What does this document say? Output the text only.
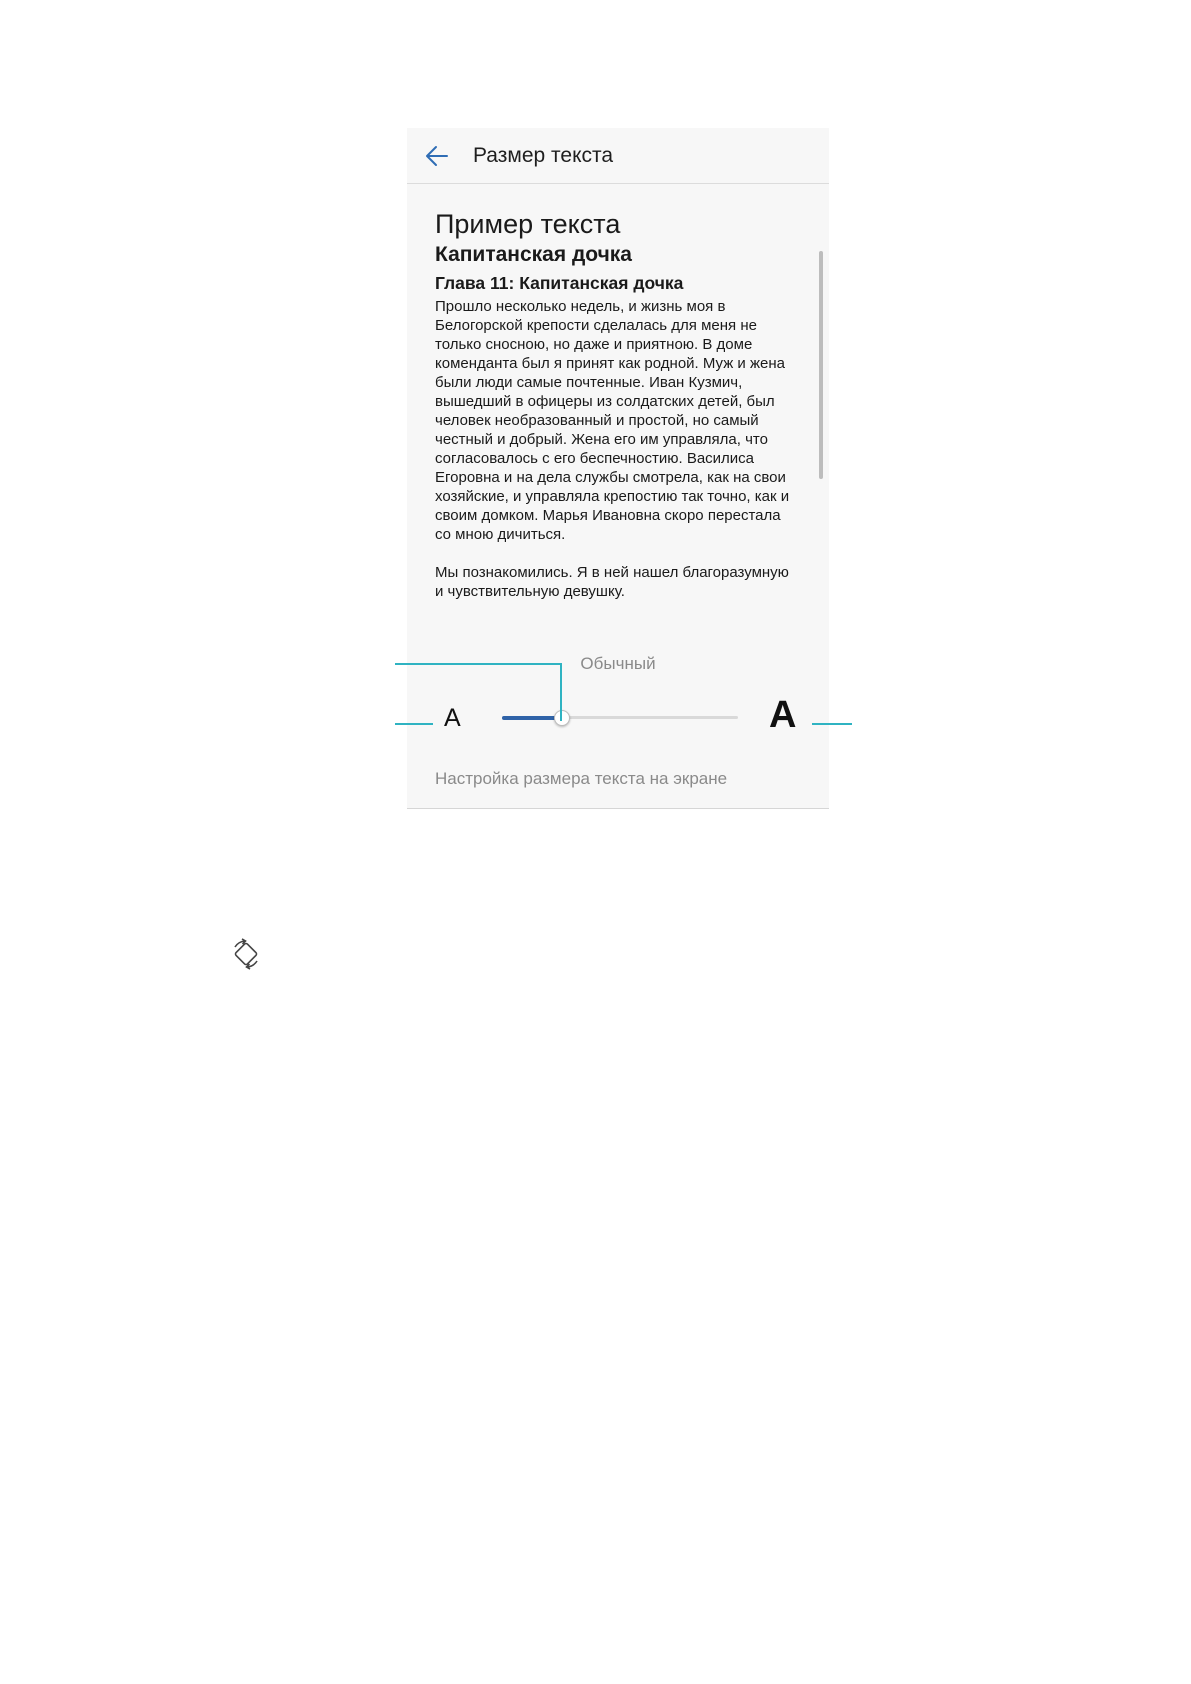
Размер текста
Пример текста
Капитанская дочка
Глава 11: Капитанская дочка

Прошло несколько недель, и жизнь моя в Белогорской крепости сделалась для меня не только сносною, но даже и приятною. В доме коменданта был я принят как родной. Муж и жена были люди самые почтенные. Иван Кузмич, вышедший в офицеры из солдатских детей, был человек необразованный и простой, но самый честный и добрый. Жена его им управляла, что согласовалось с его беспечностию. Василиса Егоровна и на дела службы смотрела, как на свои хозяйские, и управляла крепостию так точно, как и своим домком. Марья Ивановна скоро перестала со мною дичиться.

Мы познакомились. Я в ней нашел благоразумную и чувствительную девушку.

Обычный
A	A
Настройка размера текста на экране
